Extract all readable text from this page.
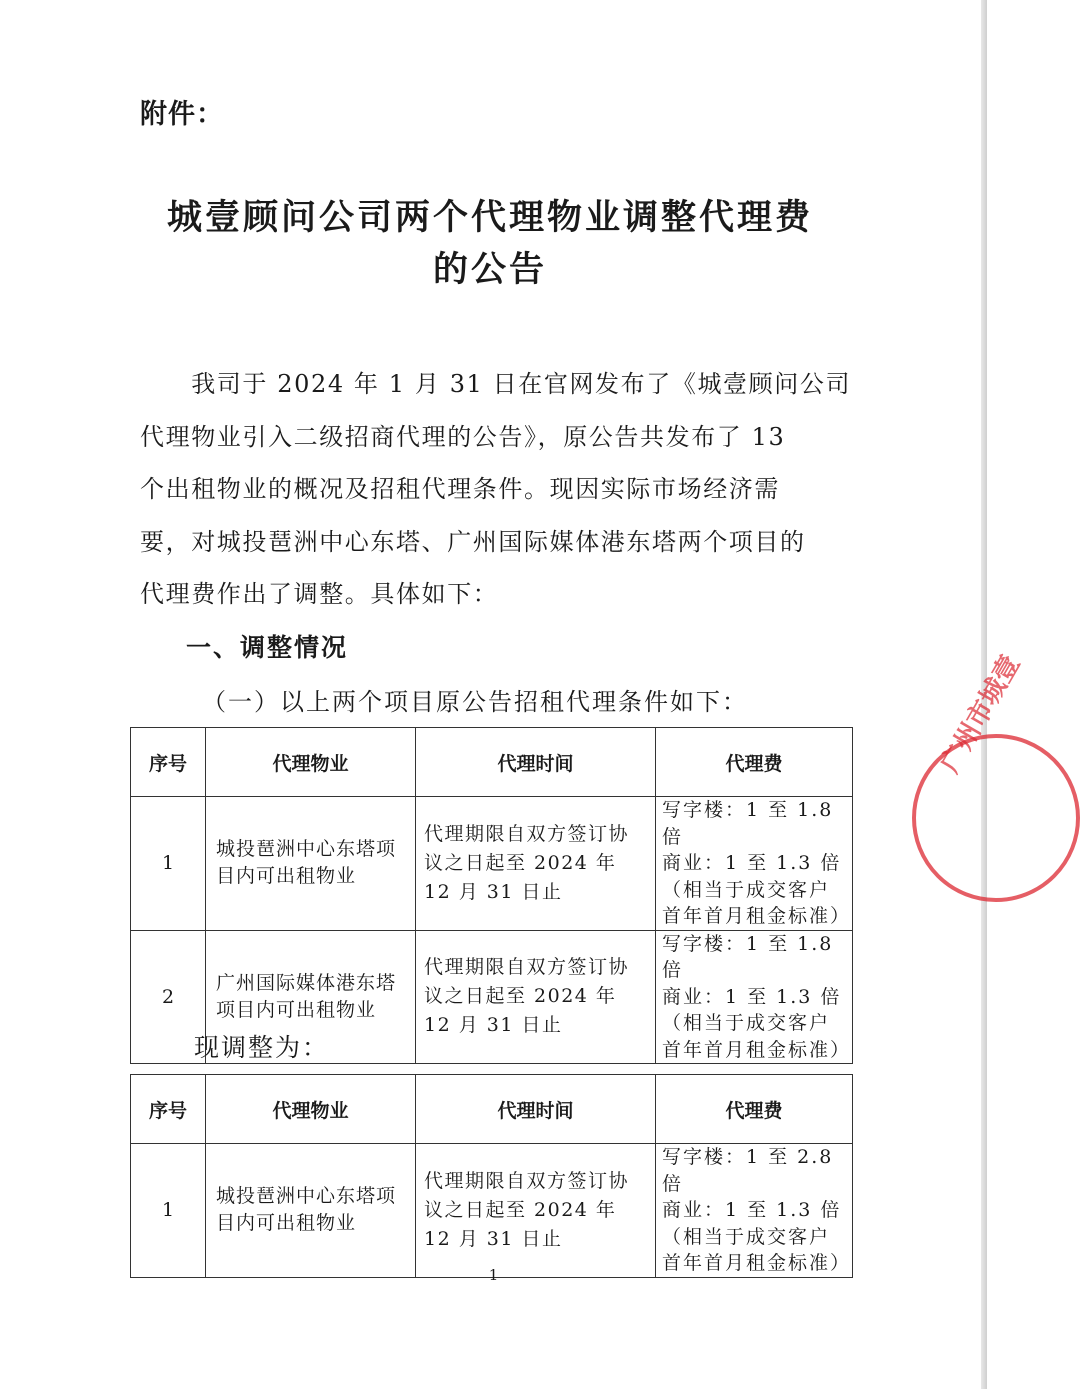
附件：
城壹顾问公司两个代理物业调整代理费
的公告
　　我司于 2024 年 1 月 31 日在官网发布了《城壹顾问公司
代理物业引入二级招商代理的公告》，原公告共发布了 13
个出租物业的概况及招租代理条件。现因实际市场经济需
要，对城投琶洲中心东塔、广州国际媒体港东塔两个项目的
代理费作出了调整。具体如下：
一、调整情况
（一）以上两个项目原公告招租代理条件如下：
序号	代理物业	代理时间	代理费
1	城投琶洲中心东塔项目内可出租物业	代理期限自双方签订协议之日起至 2024 年 12 月 31 日止	写字楼：1 至 1.8 倍
商业：1 至 1.3 倍
（相当于成交客户
首年首月租金标准）

2	广州国际媒体港东塔项目内可出租物业	代理期限自双方签订协议之日起至 2024 年 12 月 31 日止	写字楼：1 至 1.8 倍
商业：1 至 1.3 倍
（相当于成交客户
首年首月租金标准）
现调整为：
序号	代理物业	代理时间	代理费
1	城投琶洲中心东塔项目内可出租物业	代理期限自双方签订协议之日起至 2024 年 12 月 31 日止	写字楼：1 至 2.8 倍
商业：1 至 1.3 倍
（相当于成交客户
首年首月租金标准）
1
广州市城壹
